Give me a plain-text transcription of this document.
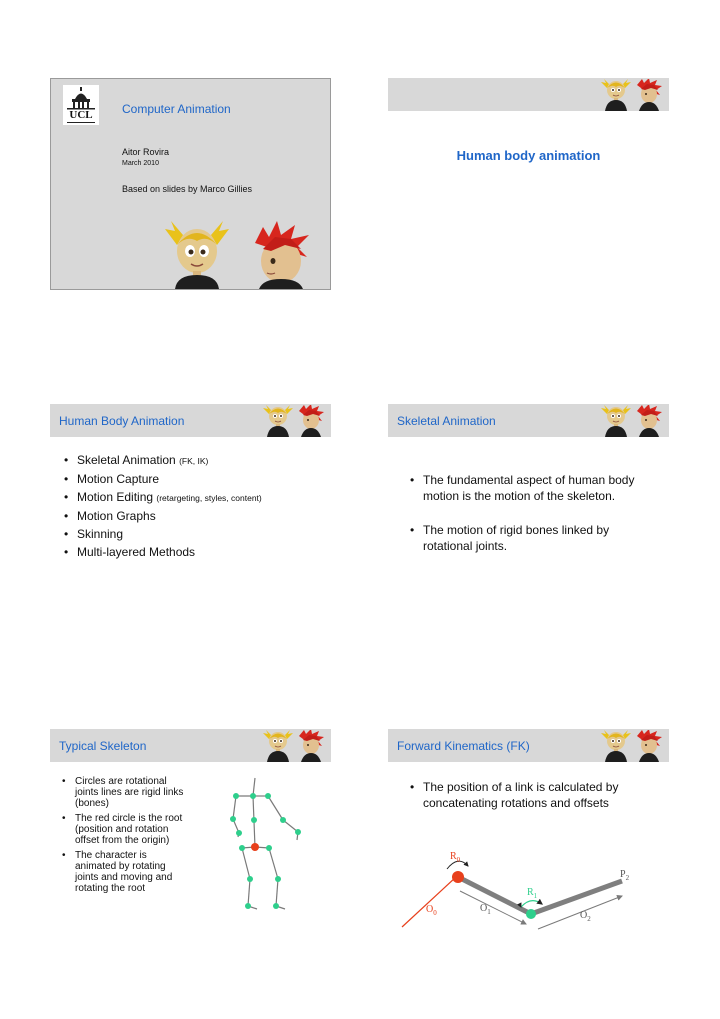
UCL	Computer Animation
Aitor Rovira
March 2010
Based on slides by Marco Gillies
Human body animation
Human Body Animation
• Skeletal Animation (FK, IK)
• Motion Capture
• Motion Editing (retargeting, styles, content)
• Motion Graphs
• Skinning
• Multi-layered Methods
Skeletal Animation
• The fundamental aspect of human body motion is the motion of the skeleton.
• The motion of rigid bones linked by rotational joints.
Typical Skeleton
• Circles are rotational joints lines are rigid links (bones)
• The red circle is the root (position and rotation offset from the origin)
• The character is animated by rotating joints and moving and rotating the root
Forward Kinematics (FK)
• The position of a link is calculated by concatenating rotations and offsets
$R_0$
$R_1$
$P_2$
$O_0$	$O_1$	$O_2$
